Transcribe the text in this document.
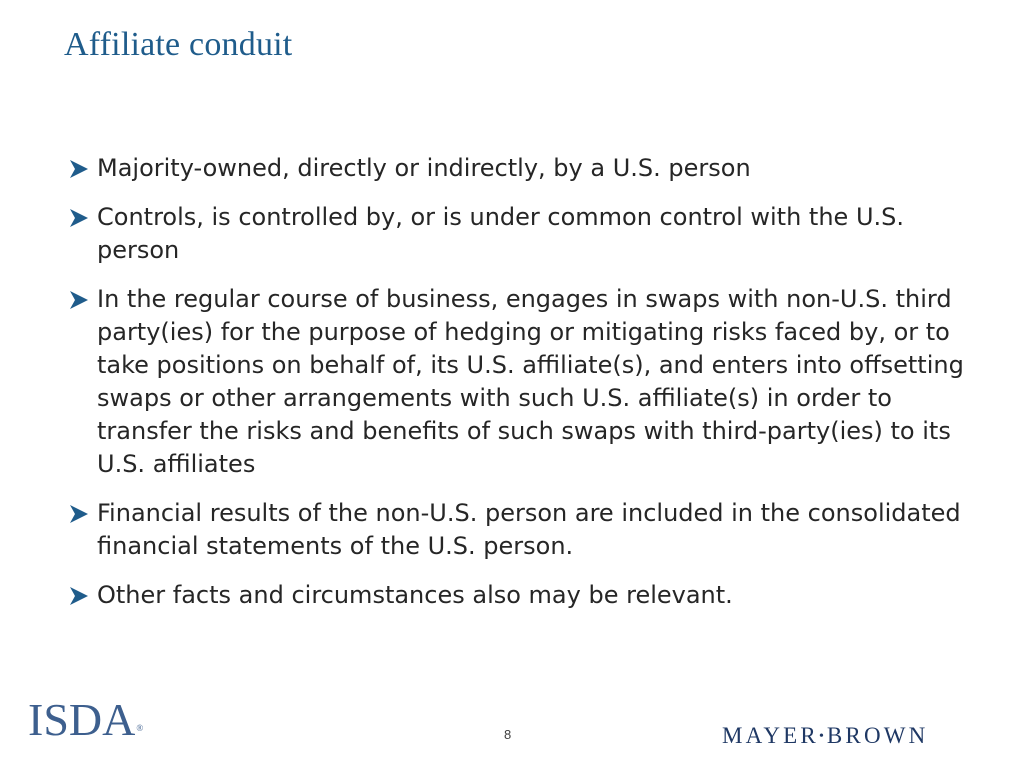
Affiliate conduit
Majority-owned, directly or indirectly, by a U.S. person
Controls, is controlled by, or is under common control with the U.S. person
In the regular course of business, engages in swaps with non-U.S. third party(ies) for the purpose of hedging or mitigating risks faced by, or to take positions on behalf of, its U.S. affiliate(s), and enters into offsetting swaps or other arrangements with such U.S. affiliate(s) in order to transfer the risks and benefits of such swaps with third-party(ies) to its U.S. affiliates
Financial results of the non-U.S. person are included in the consolidated financial statements of the U.S. person.
Other facts and circumstances also may be relevant.
ISDA®	8	MAYER•BROWN
